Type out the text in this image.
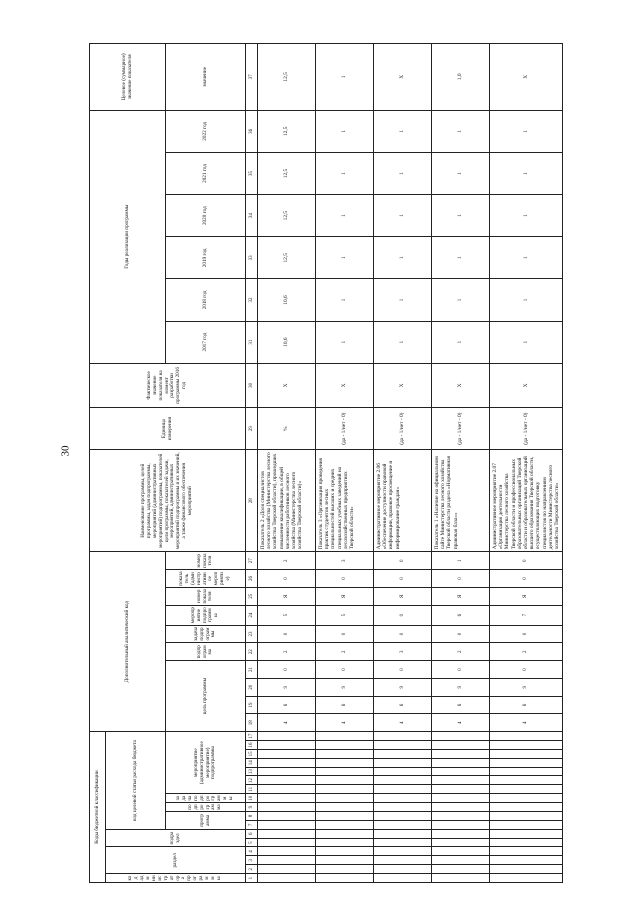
30
Коды бюджетной классификации																	Дополнительный аналитический код										Наименование программы, целей программы, задач подпрограммы, мероприятий (административных мероприятий) подпрограммы, показателей цели программы, показателей задачи, мероприятий, административных мероприятий подпрограммы и их значений, а также финансового обеспечения мероприятий	Единица измерения	Фактическое значение показателя на момент разработки программы 2016 год	Годы реализации программы						Целевое (суммарное) значение показателя
код администратора программы	раздел			подраздел		код целевой статьи расхода бюджета																														
						программа		подпрограмма	задача подпрограммы	мероприятие (административное мероприятие) подпрограммы							цель программы				подпрограмма	задача подпрограммы	мероприятие подпрограммы	номер показателя	показатель (административное мероприятие)	номер показателя				2017 год	2018 год	2019 год	2020 год	2021 год	2022 год	значение
1	2	3	4	5	6	7	8	9	10	11	12	13	14	15	16	17	18	19	20	21	22	23	24	25	26	27	28	29	30	31	32	33	34	35	36	37
																	4	6	9	0	2	0	5	Я	0	2	Показатель 2 «Доля специалистов лесного хозяйства (Министерства лесного хозяйства Тверской области), прошедших повышение квалификации, в общей численности работников лесного хозяйства (Министерства лесного хозяйства Тверской области)»	%	X	10,6	10,6	12,5	12,5	12,5	12,5	12,5
																	4	6	9	0	2	0	5	Я	0	3	Показатель 3 «Организация проведения практик студентов лесных специальностей высших и средних специальных учебных заведений на лесохозяйственных предприятиях Тверской области»	(да - 1/нет - 0)	X	1	1	1	1	1	1	1
																	4	6	9	0	3	0	0	Я	0	0	Административное мероприятие 2.06 «Обеспечение доступности правовой информации, правовое просвещение и информирование граждан»	(да - 1/нет - 0)	X	1	1	1	1	1	1	X
																	4	6	9	0	2	0	6	Я	0	1	Показатель 1 «Наличие на официальном сайте Министерства лесного хозяйства Тверской области раздела «Нормативная правовая база»»	(да - 1/нет - 0)	X	1	1	1	1	1	1	1,0
																	4	6	9	0	2	0	7	Я	0	0	Административное мероприятие 2.07 «Организация деятельности Министерства лесного хозяйства Тверской области и профессиональных образовательных организаций Тверской области и образовательных организаций высшего образования Тверской области, осуществляющих подготовку специалистов по направлениям деятельности Министерства лесного хозяйства Тверской области»	(да - 1/нет - 0)	X	1	1	1	1	1	1	X
